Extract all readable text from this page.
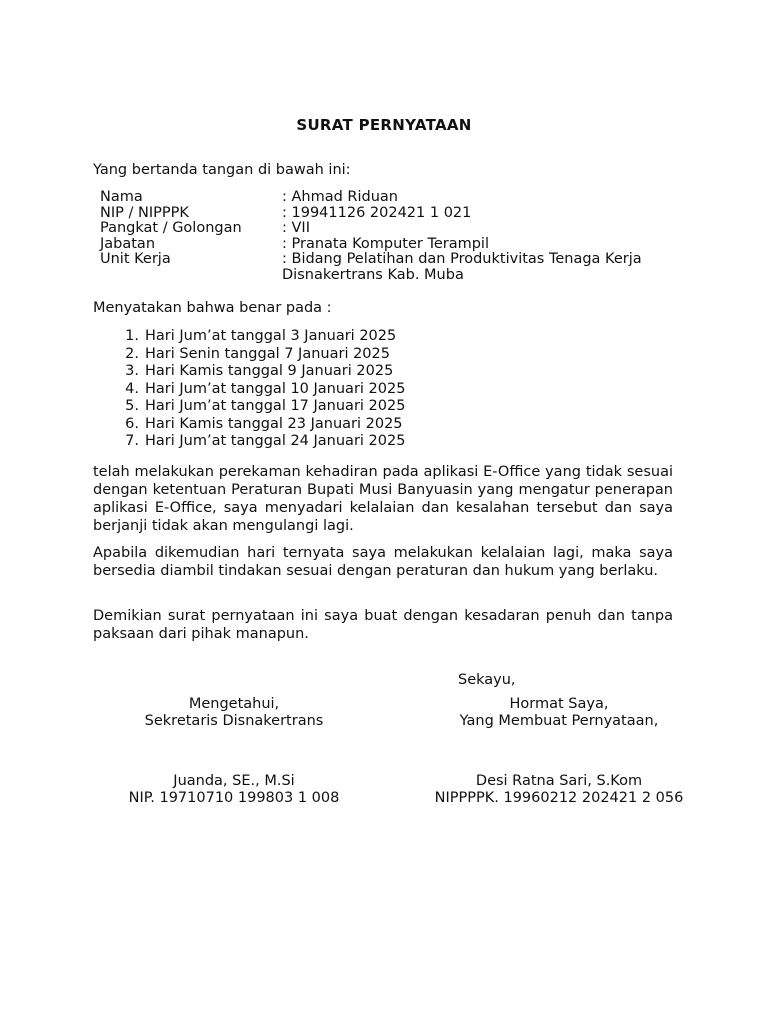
SURAT PERNYATAAN
Yang bertanda tangan di bawah ini:
Nama	: Ahmad Riduan
NIP / NIPPPK	: 19941126 202421 1 021
Pangkat / Golongan	: VII
Jabatan	: Pranata Komputer Terampil
Unit Kerja	: Bidang Pelatihan dan Produktivitas Tenaga Kerja
Disnakertrans Kab. Muba
Menyatakan bahwa benar pada :
1. Hari Jum’at tanggal 3 Januari 2025
2. Hari Senin tanggal 7 Januari 2025
3. Hari Kamis tanggal 9 Januari 2025
4. Hari Jum’at tanggal 10 Januari 2025
5. Hari Jum’at tanggal 17 Januari 2025
6. Hari Kamis tanggal 23 Januari 2025
7. Hari Jum’at tanggal 24 Januari 2025

telah melakukan perekaman kehadiran pada aplikasi E-Office yang tidak sesuai dengan ketentuan Peraturan Bupati Musi Banyuasin yang mengatur penerapan aplikasi E-Office, saya menyadari kelalaian dan kesalahan tersebut dan saya berjanji tidak akan mengulangi lagi.

Apabila dikemudian hari ternyata saya melakukan kelalaian lagi, maka saya bersedia diambil tindakan sesuai dengan peraturan dan hukum yang berlaku.

Demikian surat pernyataan ini saya buat dengan kesadaran penuh dan tanpa paksaan dari pihak manapun.

Sekayu,
Mengetahui,
Sekretaris Disnakertrans
Hormat Saya,
Yang Membuat Pernyataan,
Juanda, SE., M.Si
NIP. 19710710 199803 1 008
Desi Ratna Sari, S.Kom
NIPPPPK. 19960212 202421 2 056
